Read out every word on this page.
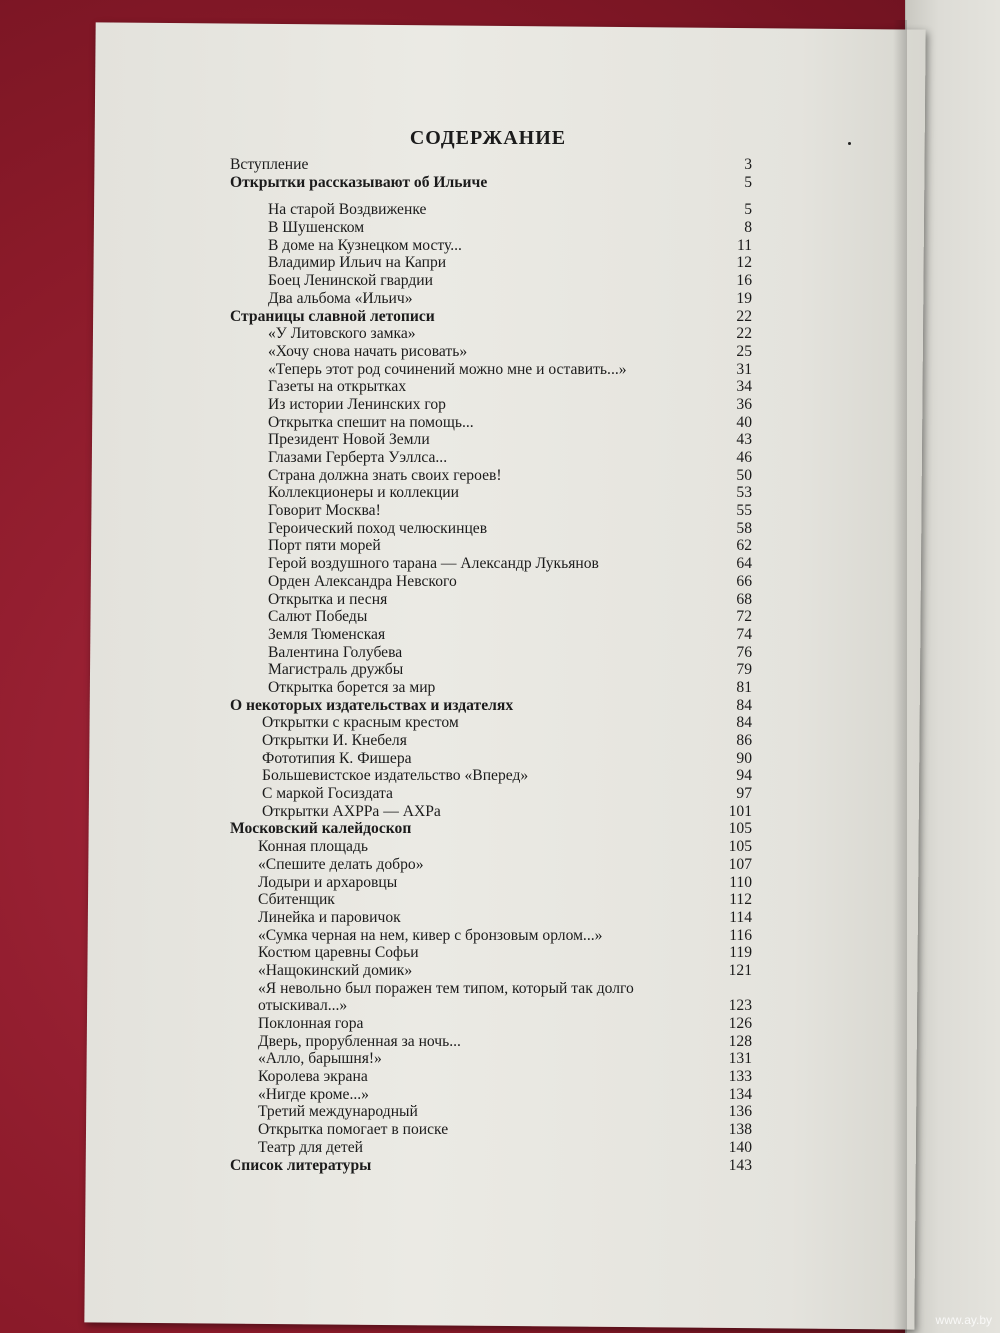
СОДЕРЖАНИЕ
Вступление	3
Открытки рассказывают об Ильиче	5
На старой Воздвиженке	5
В Шушенском	8
В доме на Кузнецком мосту...	11
Владимир Ильич на Капри	12
Боец Ленинской гвардии	16
Два альбома «Ильич»	19
Страницы славной летописи	22
«У Литовского замка»	22
«Хочу снова начать рисовать»	25
«Теперь этот род сочинений можно мне и оставить...»	31
Газеты на открытках	34
Из истории Ленинских гор	36
Открытка спешит на помощь...	40
Президент Новой Земли	43
Глазами Герберта Уэллса...	46
Страна должна знать своих героев!	50
Коллекционеры и коллекции	53
Говорит Москва!	55
Героический поход челюскинцев	58
Порт пяти морей	62
Герой воздушного тарана — Александр Лукьянов	64
Орден Александра Невского	66
Открытка и песня	68
Салют Победы	72
Земля Тюменская	74
Валентина Голубева	76
Магистраль дружбы	79
Открытка борется за мир	81
О некоторых издательствах и издателях	84
Открытки с красным крестом	84
Открытки И. Кнебеля	86
Фототипия К. Фишера	90
Большевистское издательство «Вперед»	94
С маркой Госиздата	97
Открытки АХРРа — АХРа	101
Московский калейдоскоп	105
Конная площадь	105
«Спешите делать добро»	107
Лодыри и архаровцы	110
Сбитенщик	112
Линейка и паровичок	114
«Сумка черная на нем, кивер с бронзовым орлом...»	116
Костюм царевны Софьи	119
«Нащокинский домик»	121
«Я невольно был поражен тем типом, который так долго отыскивал...»	123
Поклонная гора	126
Дверь, прорубленная за ночь...	128
«Алло, барышня!»	131
Королева экрана	133
«Нигде кроме...»	134
Третий международный	136
Открытка помогает в поиске	138
Театр для детей	140
Список литературы	143
www.ay.by
